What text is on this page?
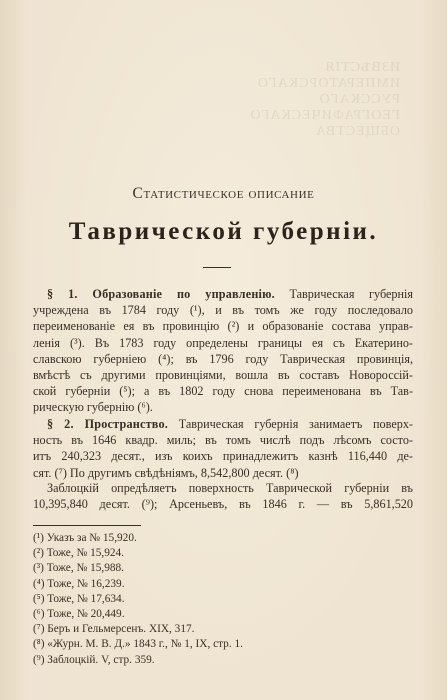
ИЗВѢСТІЯ
ИМПЕРАТОРСКАГО
РУССКАГО
ГЕОГРАФИЧЕСКАГО
ОБЩЕСТВА
Статистическое описание
Таврической губерніи.
§ 1. Образованіе по управленію. Таврическая губернія
учреждена въ 1784 году (¹), и въ томъ же году последовало
переименованіе ея въ провинцію (²) и образованіе состава управ-
ленія (³). Въ 1783 году определены границы ея съ Екатерино-
славскою губерніею (⁴); въ 1796 году Таврическая провинція,
вмѣстѣ съ другими провинціями, вошла въ составъ Новороссій-
ской губерніи (⁵); а въ 1802 году снова переименована въ Тав-
рическую губернію (⁶).
§ 2. Пространство. Таврическая губернія занимаетъ поверх-
ность въ 1646 квадр. миль; въ томъ числѣ подъ лѣсомъ состо-
итъ 240,323 десят., изъ коихъ принадлежитъ казнѣ 116,440 де-
сят. (⁷) По другимъ свѣдѣніямъ, 8,542,800 десят. (⁸)
Заблоцкій опредѣляетъ поверхность Таврической губерніи въ
10,395,840 десят. (⁹); Арсеньевъ, въ 1846 г. — въ 5,861,520
(¹) Указъ за № 15,920.
(²) Тоже, № 15,924.
(³) Тоже, № 15,988.
(⁴) Тоже, № 16,239.
(⁵) Тоже, № 17,634.
(⁶) Тоже, № 20,449.
(⁷) Беръ и Гельмерсенъ. XIX, 317.
(⁸) «Журн. М. В. Д.» 1843 г., № 1, IX, стр. 1.
(⁹) Заблоцкій. V, стр. 359.
